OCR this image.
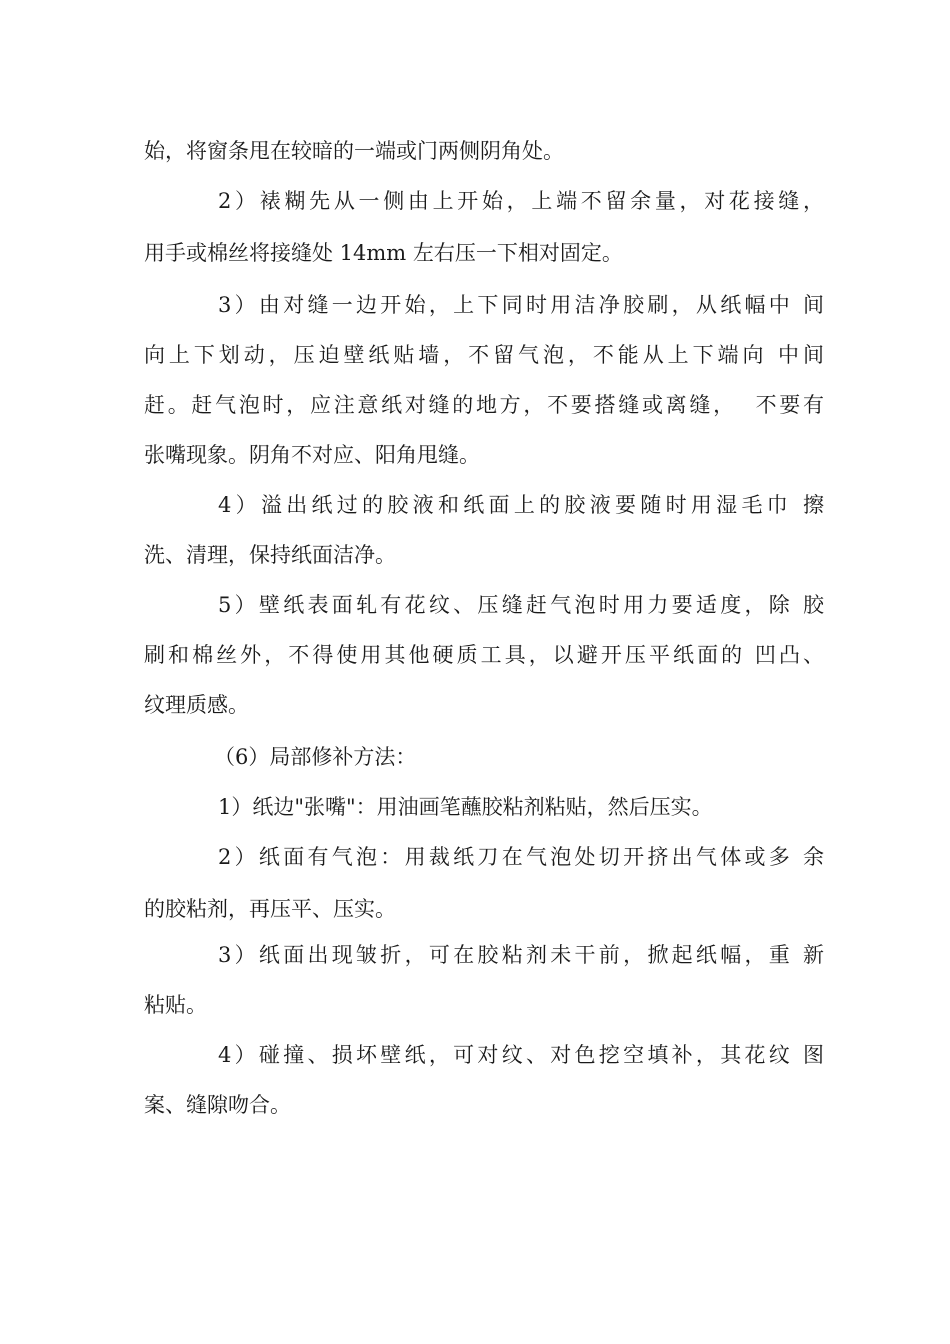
始，将窗条甩在较暗的一端或门两侧阴角处。

2）裱糊先从一侧由上开始，上端不留余量，对花接缝，

用手或棉丝将接缝处 14mm 左右压一下相对固定。

3）由对缝一边开始，上下同时用洁净胶刷，从纸幅中 间

向上下划动，压迫壁纸贴墙，不留气泡，不能从上下端向 中间

赶。赶气泡时，应注意纸对缝的地方，不要搭缝或离缝，  不要有

张嘴现象。阴角不对应、阳角甩缝。

4）溢出纸过的胶液和纸面上的胶液要随时用湿毛巾 擦

洗、清理，保持纸面洁净。

5）壁纸表面轧有花纹、压缝赶气泡时用力要适度，除 胶

刷和棉丝外，不得使用其他硬质工具，以避开压平纸面的 凹凸、

纹理质感。

（6）局部修补方法：

1）纸边"张嘴"：用油画笔蘸胶粘剂粘贴，然后压实。

2）纸面有气泡：用裁纸刀在气泡处切开挤出气体或多 余

的胶粘剂，再压平、压实。

3）纸面出现皱折，可在胶粘剂未干前，掀起纸幅，重 新

粘贴。

4）碰撞、损坏壁纸，可对纹、对色挖空填补，其花纹 图

案、缝隙吻合。
